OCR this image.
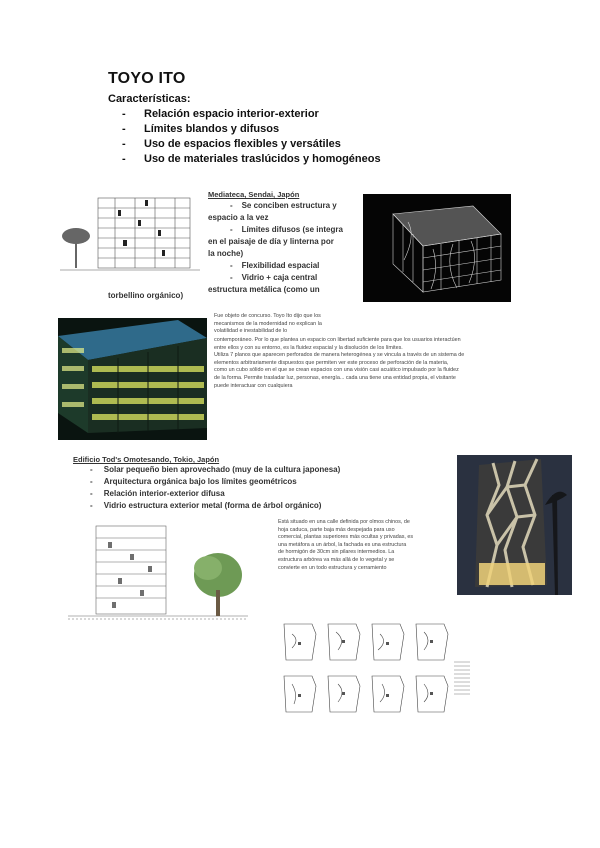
TOYO ITO
Características:
- Relación espacio interior-exterior
- Límites blandos y difusos
- Uso de espacios flexibles y versátiles
- Uso de materiales traslúcidos y homogéneos
Mediateca, Sendai, Japón
- Se conciben estructura y
espacio a la vez
- Límites difusos (se integra
en el paisaje de día y linterna por
la noche)
- Flexibilidad espacial
- Vidrio + caja central
estructura metálica (como un
torbellino orgánico)
Fue objeto de concurso. Toyo Ito dijo que los
mecanismos de la modernidad no explican la
volatilidad e inestabilidad de lo
contemporáneo. Por lo que plantea un espacio con libertad suficiente para que los usuarios interactúen
entre ellos y con su entorno, es la fluidez espacial y la disolución de los límites.
Utiliza 7 planos que aparecen perforados de manera heterogénea y se vincula a través de un sistema de
elementos arbitrariamente dispuestos que permiten ver este proceso de perforación de la materia,
como un cubo sólido en el que se crean espacios con una visión casi acuático impulsado por la fluidez
de la forma. Permite trasladar luz, personas, energía... cada una tiene una entidad propia, el visitante
puede interactuar con cualquiera
Edificio Tod's Omotesando, Tokio, Japón
-     Solar pequeño bien aprovechado (muy de la cultura japonesa)
-     Arquitectura orgánica bajo los límites geométricos
-     Relación interior-exterior difusa
-     Vidrio estructura exterior metal (forma de árbol orgánico)
Está situado en una calle definida por olmos chinos, de
hoja caduca, parte baja más despejada para uso
comercial, plantas superiores más ocultas y privadas, es
una metáfora a un árbol, la fachada es una estructura
de hormigón de 30cm sin pilares intermedios. La
estructura arbórea va más allá de lo vegetal y se
convierte en un todo estructura y cerramiento
